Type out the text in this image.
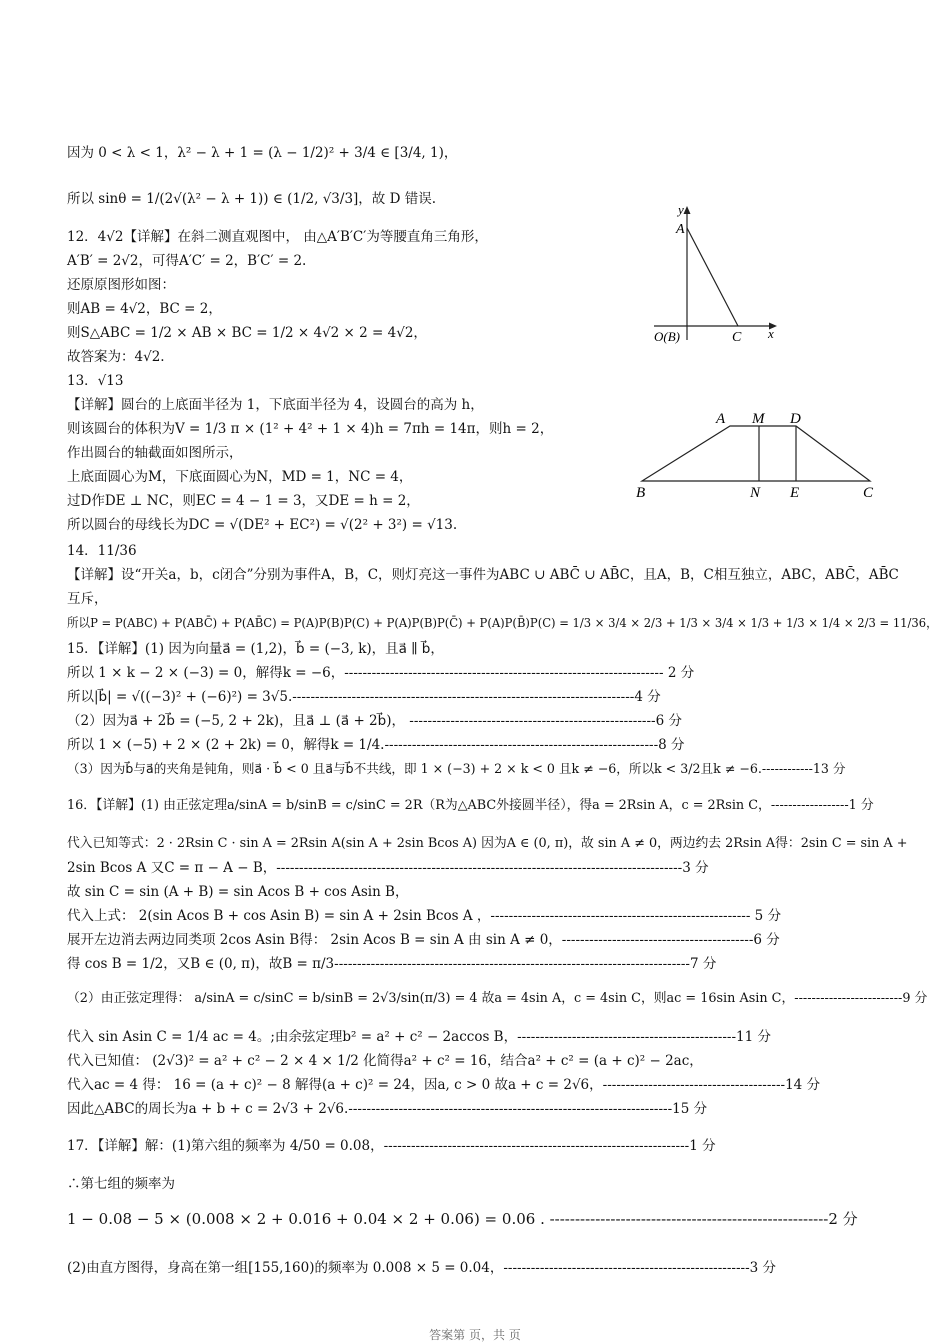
因为 0 < λ < 1，λ² − λ + 1 = (λ − 1/2)² + 3/4 ∈ [3/4, 1)，
所以 sinθ = 1/(2√(λ² − λ + 1)) ∈ (1/2, √3/3]，故 D 错误.
12．4√2【详解】在斜二测直观图中， 由△A′B′C′为等腰直角三角形，
A′B′ = 2√2，可得A′C′ = 2，B′C′ = 2.
还原原图形如图：
则AB = 4√2，BC = 2，
则S△ABC = 1/2 × AB × BC = 1/2 × 4√2 × 2 = 4√2，
故答案为：4√2.
13．√13
【详解】圆台的上底面半径为 1，下底面半径为 4，设圆台的高为 h，
则该圆台的体积为V = 1/3 π × (1² + 4² + 1 × 4)h = 7πh = 14π，则h = 2，
作出圆台的轴截面如图所示，
上底面圆心为M，下底面圆心为N，MD = 1，NC = 4，
过D作DE ⊥ NC，则EC = 4 − 1 = 3，又DE = h = 2，
所以圆台的母线长为DC = √(DE² + EC²) = √(2² + 3²) = √13.
14．11/36
【详解】设“开关a，b，c闭合”分别为事件A，B，C，则灯亮这一事件为ABC ∪ ABC̄ ∪ AB̄C，且A，B，C相互独立，ABC，ABC̄，AB̄C
互斥，
所以P = P(ABC) + P(ABC̄) + P(AB̄C) = P(A)P(B)P(C) + P(A)P(B)P(C̄) + P(A)P(B̄)P(C) = 1/3 × 3/4 × 2/3 + 1/3 × 3/4 × 1/3 + 1/3 × 1/4 × 2/3 = 11/36，
15．【详解】(1) 因为向量a⃗ = (1,2)，b⃗ = (−3, k)，且a⃗ ∥ b⃗，
所以 1 × k − 2 × (−3) = 0，解得k = −6，---------------------------------------------------------------------- 2 分
所以|b⃗| = √((−3)² + (−6)²) = 3√5.---------------------------------------------------------------------------4 分
（2）因为a⃗ + 2b⃗ = (−5, 2 + 2k)，且a⃗ ⊥ (a⃗ + 2b⃗)， ------------------------------------------------------6 分
所以 1 × (−5) + 2 × (2 + 2k) = 0，解得k = 1/4.------------------------------------------------------------8 分
（3）因为b⃗与a⃗的夹角是钝角，则a⃗ · b⃗ < 0 且a⃗与b⃗不共线，即 1 × (−3) + 2 × k < 0 且k ≠ −6，所以k < 3/2且k ≠ −6.------------13 分
16．【详解】(1) 由正弦定理a/sinA = b/sinB = c/sinC = 2R（R为△ABC外接圆半径），得a = 2Rsin A，c = 2Rsin C，------------------1 分
代入已知等式：2 · 2Rsin C · sin A = 2Rsin A(sin A + 2sin Bcos A) 因为A ∈ (0, π)，故 sin A ≠ 0，两边约去 2Rsin A得：2sin C = sin A +
2sin Bcos A 又C = π − A − B，-----------------------------------------------------------------------------------------3 分
故 sin C = sin (A + B) = sin Acos B + cos Asin B，
代入上式： 2(sin Acos B + cos Asin B) = sin A + 2sin Bcos A ，--------------------------------------------------------- 5 分
展开左边消去两边同类项 2cos Asin B得： 2sin Acos B = sin A 由 sin A ≠ 0，------------------------------------------6 分
得 cos B = 1/2，又B ∈ (0, π)，故B = π/3------------------------------------------------------------------------------7 分
（2）由正弦定理得： a/sinA = c/sinC = b/sinB = 2√3/sin(π/3) = 4 故a = 4sin A，c = 4sin C，则ac = 16sin Asin C，-------------------------9 分
代入 sin Asin C = 1/4 ac = 4。;由余弦定理b² = a² + c² − 2accos B，------------------------------------------------11 分
代入已知值： (2√3)² = a² + c² − 2 × 4 × 1/2 化简得a² + c² = 16，结合a² + c² = (a + c)² − 2ac，
代入ac = 4 得： 16 = (a + c)² − 8 解得(a + c)² = 24，因a, c > 0 故a + c = 2√6，----------------------------------------14 分
因此△ABC的周长为a + b + c = 2√3 + 2√6.-----------------------------------------------------------------------15 分
17．【详解】解：(1)第六组的频率为 4/50 = 0.08，-------------------------------------------------------------------1 分
∴第七组的频率为
1 − 0.08 − 5 × (0.008 × 2 + 0.016 + 0.04 × 2 + 0.06) = 0.06 . -------------------------------------------------------2 分
(2)由直方图得，身高在第一组[155,160)的频率为 0.008 × 5 = 0.04，------------------------------------------------------3 分
y
A
O(B)	C x
A M D
B	N E	C
答案第 页，共 页
